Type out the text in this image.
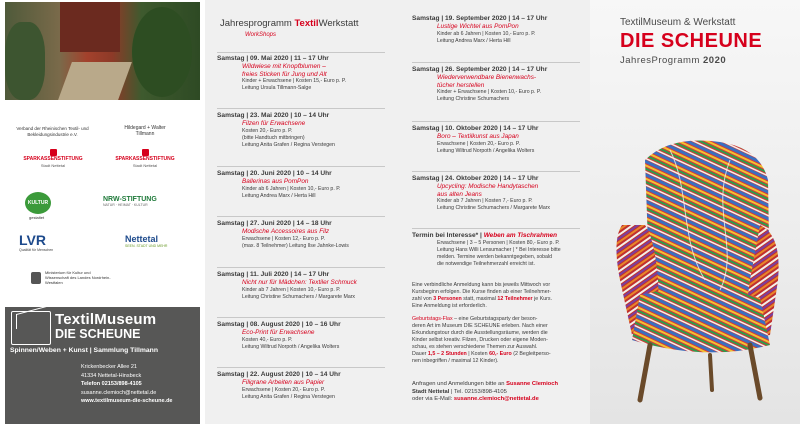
Verband der Rheinischen Textil- und Bekleidungsindustrie e.V.
Hildegard + Walter Tillmann
SPARKASSENSTIFTUNG
Stadt Nettetal
SPARKASSENSTIFTUNG
Stadt Nettetal
KULTUR
gestaltet
NRW-STIFTUNG
NATUR · HEIMAT · KULTUR
LVR
Qualität für Menschen
Nettetal
SEEN. STADT UND MEHR
Ministerium für Kultur und Wissenschaft des Landes Nordrhein-Westfalen
TextilMuseum
DIE SCHEUNE
Spinnen/Weben + Kunst | Sammlung Tillmann
Krickenbecker Allee 21
41334 Nettetal-Hinsbeck
Telefon 02153/898-4105
susanne.clemioch@nettetal.de
www.textilmuseum-die-scheune.de
Jahresprogramm TextilWerkstatt
WorkShops
Samstag | 09. Mai 2020 | 11 – 17 Uhr
Wildwiese mit Knopfblumen –
freies Sticken für Jung und Alt
Kinder + Erwachsene | Kosten 15,- Euro p. P.
Leitung Ursula Tillmann-Salge
Samstag | 23. Mai 2020 | 10 – 14 Uhr
Filzen für Erwachsene
Kosten 20,- Euro p. P.
(bitte Handtuch mitbringen)
Leitung Anita Grafen / Regina Verstegen
Samstag | 20. Juni 2020 | 10 – 14 Uhr
Ballerinas aus PomPon
Kinder ab 6 Jahren | Kosten 10,- Euro p. P.
Leitung Andrea Marx / Herta Hill
Samstag | 27. Juni 2020 | 14 – 18 Uhr
Modische Accessoires aus Filz
Erwachsene | Kosten 12,- Euro p. P.
(max. 8 Teilnehmer) Leitung Ilse Jahnke-Lowis
Samstag | 11. Juli 2020 | 14 – 17 Uhr
Nicht nur für Mädchen: Textiler Schmuck
Kinder ab 7 Jahren | Kosten 10,- Euro p. P.
Leitung Christine Schumachers / Margarete Marx
Samstag | 08. August 2020 | 10 – 16 Uhr
Eco-Print für Erwachsene
Kosten 40,- Euro p. P.
Leitung Wiltrud Norpoth / Angelika Wolters
Samstag | 22. August 2020 | 10 – 14 Uhr
Filigrane Arbeiten aus Papier
Erwachsene | Kosten 20,- Euro p. P.
Leitung Anita Grafen / Regina Verstegen
Samstag | 19. September 2020 | 14 – 17 Uhr
Lustige Wichtel aus PomPon
Kinder ab 6 Jahren | Kosten 10,- Euro p. P.
Leitung Andrea Marx / Herta Hill
Samstag | 26. September 2020 | 14 – 17 Uhr
Wiederverwendbare Bienenwachs-
tücher herstellen
Kinder + Erwachsene | Kosten 10,- Euro p. P.
Leitung Christine Schumachers
Samstag | 10. Oktober 2020 | 14 – 17 Uhr
Boro – Textilkunst aus Japan
Erwachsene | Kosten 20,- Euro p. P.
Leitung Wiltrud Norpoth / Angelika Wolters
Samstag | 24. Oktober 2020 | 14 – 17 Uhr
Upcycling: Modische Handytaschen
aus alten Jeans
Kinder ab 7 Jahren | Kosten 7,- Euro p. P.
Leitung Christine Schumachers / Margarete Marx
Termin bei Interesse* | Weben am Tischrahmen
Erwachsene | 3 – 5 Personen | Kosten 80,- Euro p. P.
Leitung Hans Willi Lensumacher | * Bei Interesse bitte
melden. Termine werden bekanntgegeben, sobald
die notwendige Teilnehmerzahl erreicht ist.
Eine verbindliche Anmeldung kann bis jeweils Mittwoch vor
Kursbeginn erfolgen. Die Kurse finden ab einer Teilnehmer-
zahl von 3 Personen statt, maximal 12 Teilnehmer je Kurs.
Eine Anmeldung ist erforderlich.
Geburtstags-Flax – eine Geburtstagsparty der beson-
deren Art im Museum DIE SCHEUNE erleben. Nach einer
Erkundungstour durch die Ausstellungsräume, werden die
Kinder selbst kreativ. Filzen, Drucken oder eigene Moden-
schau, es stehen verschiedene Themen zur Auswahl.
Dauer 1,5 – 2 Stunden | Kosten 60,- Euro (2 Begleitperso-
nen inbegriffen / maximal 12 Kinder).
Anfragen und Anmeldungen bitte an Susanne Clemioch
Stadt Nettetal | Tel. 02153/898-4105
oder via E-Mail: susanne.clemioch@nettetal.de
TextilMuseum & Werkstatt
DIE SCHEUNE
JahresProgramm 2020
